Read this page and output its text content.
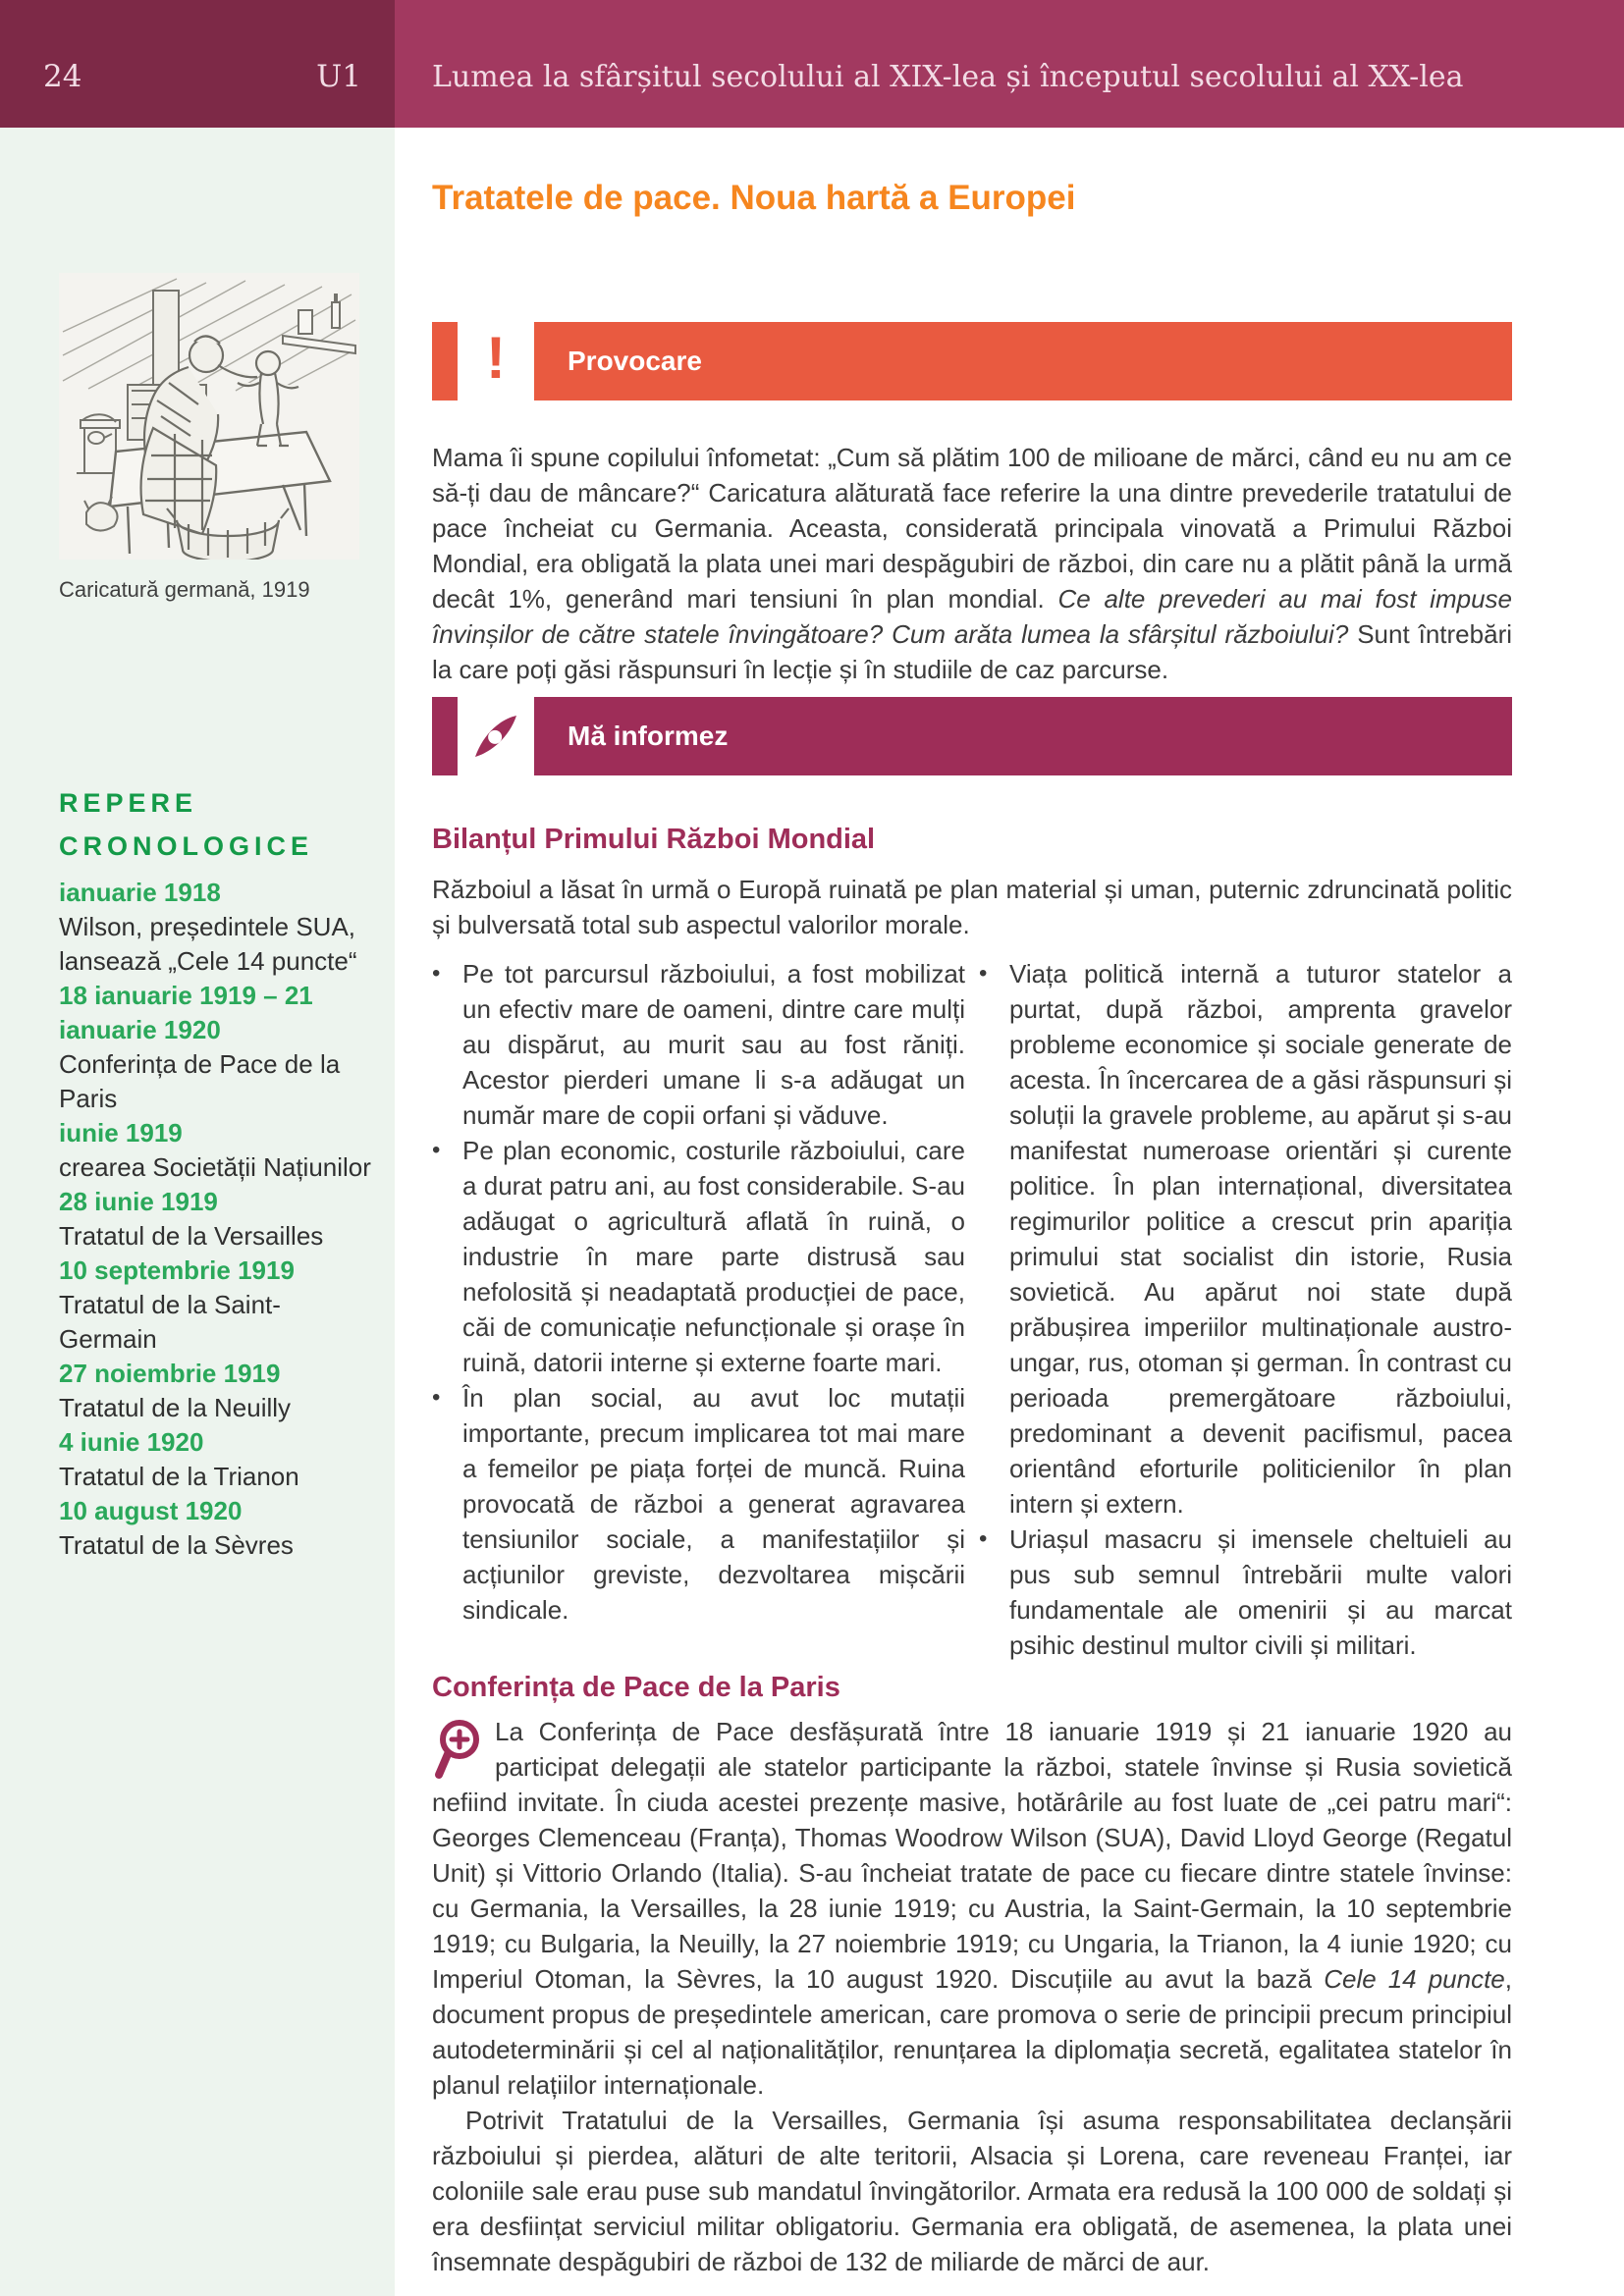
24	U1 Lumea la sfârșitul secolului al XIX-lea și începutul secolului al XX-lea
Caricatură germană, 1919
REPERE CRONOLOGICE
ianuarie 1918
Wilson, președintele SUA, lansează „Cele 14 puncte“
18 ianuarie 1919 – 21 ianuarie 1920
Conferința de Pace de la Paris
iunie 1919
crearea Societății Națiunilor
28 iunie 1919
Tratatul de la Versailles
10 septembrie 1919
Tratatul de la Saint-Germain
27 noiembrie 1919
Tratatul de la Neuilly
4 iunie 1920
Tratatul de la Trianon
10 august 1920
Tratatul de la Sèvres
Tratatele de pace. Noua hartă a Europei
! Provocare

Mama îi spune copilului înfometat: „Cum să plătim 100 de milioane de mărci, când eu nu am ce să-ți dau de mâncare?“ Caricatura alăturată face referire la una dintre prevederile tratatului de pace încheiat cu Germania. Aceasta, considerată principala vinovată a Primului Război Mondial, era obligată la plata unei mari despăgubiri de război, din care nu a plătit până la urmă decât 1%, generând mari tensiuni în plan mondial. Ce alte prevederi au mai fost impuse învinșilor de către statele învingătoare? Cum arăta lumea la sfârșitul războiului? Sunt întrebări la care poți găsi răspunsuri în lecție și în studiile de caz parcurse.

Mă informez
Bilanțul Primului Război Mondial

Războiul a lăsat în urmă o Europă ruinată pe plan material și uman, puternic zdruncinată politic și bulversată total sub aspectul valorilor morale.

• Pe tot parcursul războiului, a fost mobilizat un efectiv mare de oameni, dintre care mulți au dispărut, au murit sau au fost răniți. Acestor pierderi umane li s-a adăugat un număr mare de copii orfani și văduve.
• Pe plan economic, costurile războiului, care a durat patru ani, au fost considerabile. S-au adăugat o agricultură aflată în ruină, o industrie în mare parte distrusă sau nefolosită și neadaptată producției de pace, căi de comunicație nefuncționale și orașe în ruină, datorii interne și externe foarte mari.
• În plan social, au avut loc mutații importante, precum implicarea tot mai mare a femeilor pe piața forței de muncă. Ruina provocată de război a generat agravarea tensiunilor sociale, a manifestațiilor și acțiunilor greviste, dezvoltarea mișcării sindicale.
• Viața politică internă a tuturor statelor a purtat, după război, amprenta gravelor probleme economice și sociale generate de acesta. În încercarea de a găsi răspunsuri și soluții la gravele probleme, au apărut și s-au manifestat numeroase orientări și curente politice. În plan internațional, diversitatea regimurilor politice a crescut prin apariția primului stat socialist din istorie, Rusia sovietică. Au apărut noi state după prăbușirea imperiilor multinaționale austro-ungar, rus, otoman și german. În contrast cu perioada premergătoare războiului, predominant a devenit pacifismul, pacea orientând eforturile politicienilor în plan intern și extern.
• Uriașul masacru și imensele cheltuieli au pus sub semnul întrebării multe valori fundamentale ale omenirii și au marcat psihic destinul multor civili și militari.
Conferința de Pace de la Paris

La Conferința de Pace desfășurată între 18 ianuarie 1919 și 21 ianuarie 1920 au participat delegații ale statelor participante la război, statele învinse și Rusia sovietică nefiind invitate. În ciuda acestei prezențe masive, hotărârile au fost luate de „cei patru mari“: Georges Clemenceau (Franța), Thomas Woodrow Wilson (SUA), David Lloyd George (Regatul Unit) și Vittorio Orlando (Italia). S-au încheiat tratate de pace cu fiecare dintre statele învinse: cu Germania, la Versailles, la 28 iunie 1919; cu Austria, la Saint-Germain, la 10 septembrie 1919; cu Bulgaria, la Neuilly, la 27 noiembrie 1919; cu Ungaria, la Trianon, la 4 iunie 1920; cu Imperiul Otoman, la Sèvres, la 10 august 1920. Discuțiile au avut la bază Cele 14 puncte, document propus de președintele american, care promova o serie de principii precum principiul autodeterminării și cel al naționalităților, renunțarea la diplomația secretă, egalitatea statelor în planul relațiilor internaționale.

Potrivit Tratatului de la Versailles, Germania își asuma responsabilitatea declanșării războiului și pierdea, alături de alte teritorii, Alsacia și Lorena, care reveneau Franței, iar coloniile sale erau puse sub mandatul învingătorilor. Armata era redusă la 100 000 de soldați și era desființat serviciul militar obligatoriu. Germania era obligată, de asemenea, la plata unei însemnate despăgubiri de război de 132 de miliarde de mărci de aur.
